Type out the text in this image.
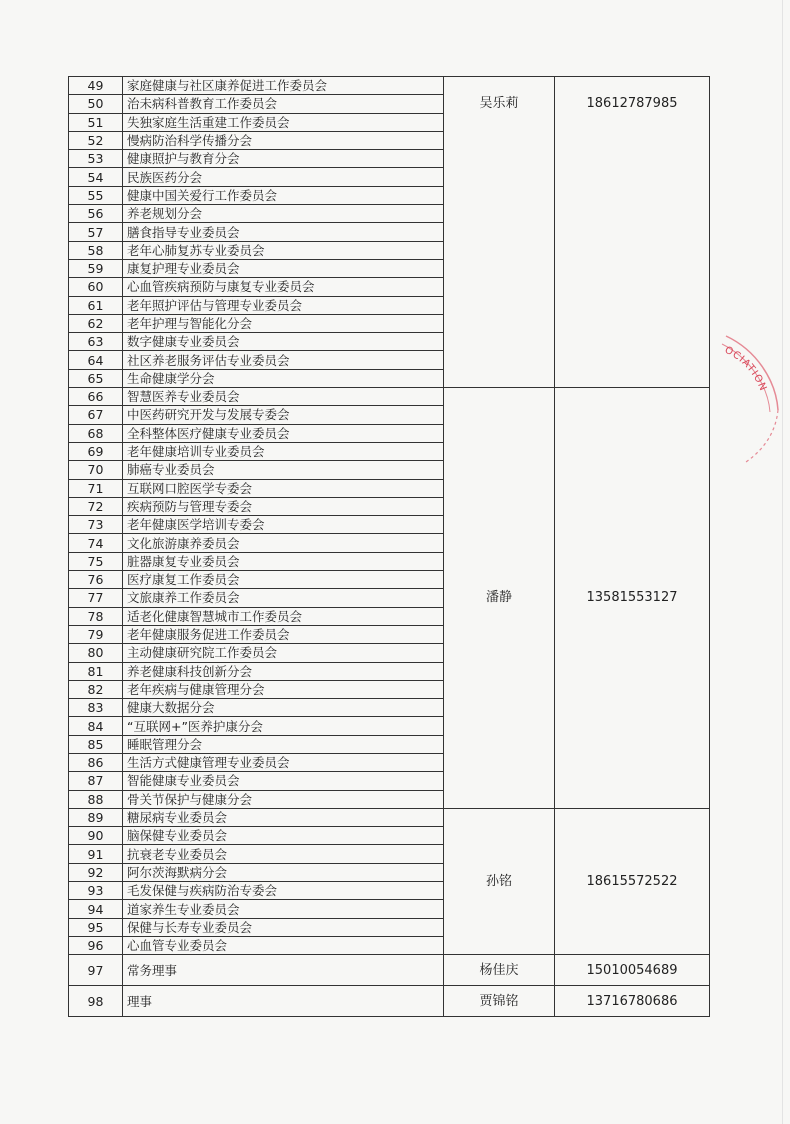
49	家庭健康与社区康养促进工作委员会	吴乐莉	18612787985
50	治未病科普教育工作委员会		
51	失独家庭生活重建工作委员会		
52	慢病防治科学传播分会		
53	健康照护与教育分会		
54	民族医药分会		
55	健康中国关爱行工作委员会		
56	养老规划分会		
57	膳食指导专业委员会		
58	老年心肺复苏专业委员会		
59	康复护理专业委员会		
60	心血管疾病预防与康复专业委员会		
61	老年照护评估与管理专业委员会		
62	老年护理与智能化分会		
63	数字健康专业委员会		
64	社区养老服务评估专业委员会		
65	生命健康学分会		
66	智慧医养专业委员会	潘静	13581553127
67	中医药研究开发与发展专委会		
68	全科整体医疗健康专业委员会		
69	老年健康培训专业委员会		
70	肺癌专业委员会		
71	互联网口腔医学专委会		
72	疾病预防与管理专委会		
73	老年健康医学培训专委会		
74	文化旅游康养委员会		
75	脏器康复专业委员会		
76	医疗康复工作委员会		
77	文旅康养工作委员会		
78	适老化健康智慧城市工作委员会		
79	老年健康服务促进工作委员会		
80	主动健康研究院工作委员会		
81	养老健康科技创新分会		
82	老年疾病与健康管理分会		
83	健康大数据分会		
84	“互联网+”医养护康分会		
85	睡眠管理分会		
86	生活方式健康管理专业委员会		
87	智能健康专业委员会		
88	骨关节保护与健康分会		
89	糖尿病专业委员会	孙铭	18615572522
90	脑保健专业委员会		
91	抗衰老专业委员会		
92	阿尔茨海默病分会		
93	毛发保健与疾病防治专委会		
94	道家养生专业委员会		
95	保健与长寿专业委员会		
96	心血管专业委员会		
97	常务理事	杨佳庆	15010054689
98	理事	贾锦铭	13716780686
OCIATION
